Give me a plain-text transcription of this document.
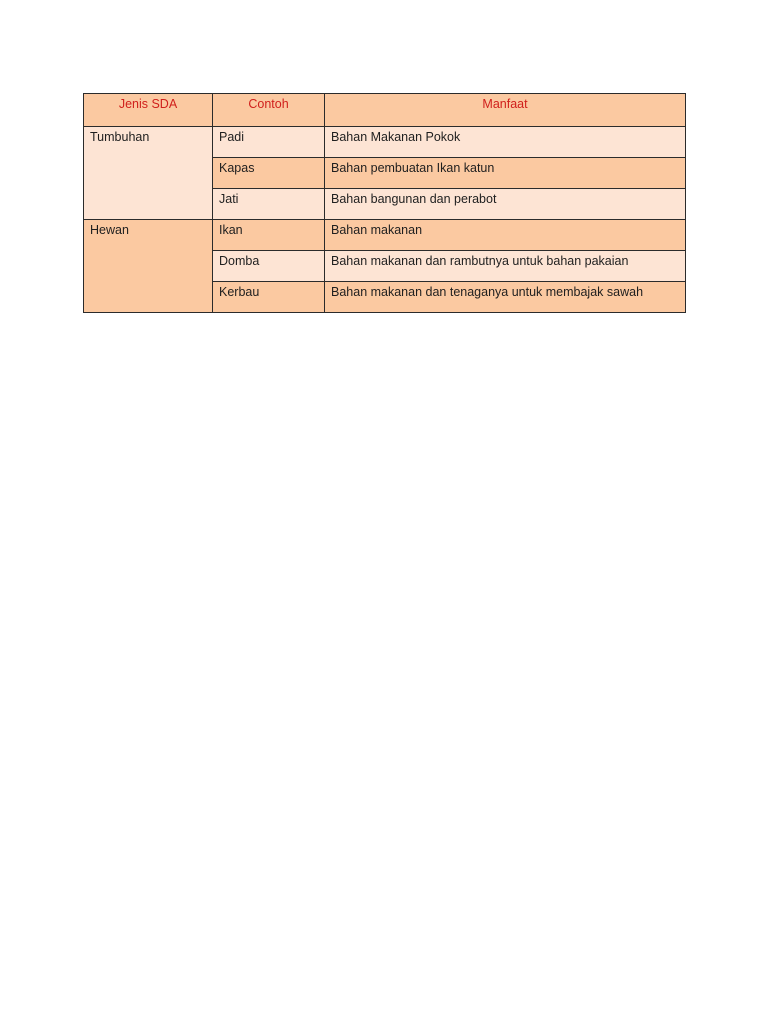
Jenis SDA	Contoh	Manfaat
Tumbuhan	Padi	Bahan Makanan Pokok
	Kapas	Bahan pembuatan Ikan katun
	Jati	Bahan bangunan dan perabot
Hewan	Ikan	Bahan makanan
	Domba	Bahan makanan dan rambutnya untuk bahan pakaian
	Kerbau	Bahan makanan dan tenaganya untuk membajak sawah
